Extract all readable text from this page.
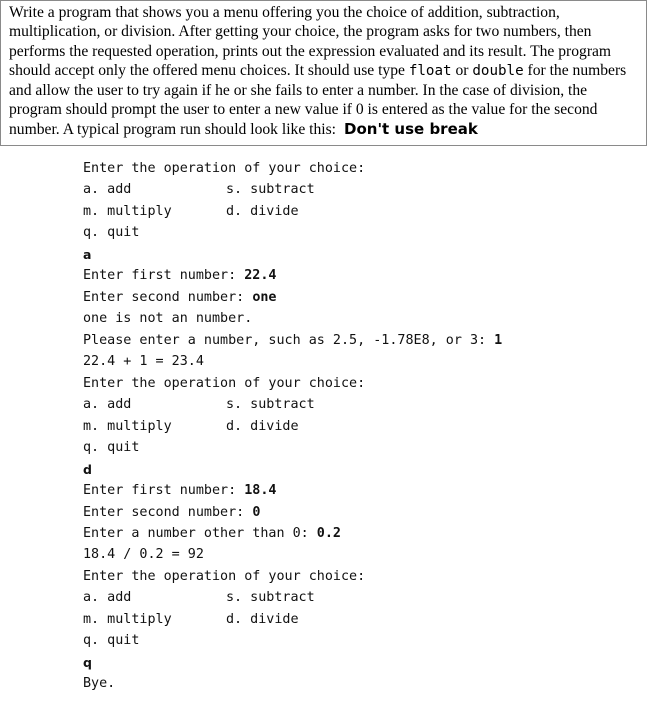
Write a program that shows you a menu offering you the choice of addition, subtraction, multiplication, or division. After getting your choice, the program asks for two numbers, then performs the requested operation, prints out the expression evaluated and its result. The program should accept only the offered menu choices. It should use type float or double for the numbers and allow the user to try again if he or she fails to enter a number. In the case of division, the program should prompt the user to enter a new value if 0 is entered as the value for the second number. A typical program run should look like this: Don't use break
Enter the operation of your choice:
a. add	s. subtract
m. multiply	d. divide
q. quit
a
Enter first number: 22.4
Enter second number: one
one is not an number.
Please enter a number, such as 2.5, -1.78E8, or 3: 1
22.4 + 1 = 23.4
Enter the operation of your choice:
a. add	s. subtract
m. multiply	d. divide
q. quit
d
Enter first number: 18.4
Enter second number: 0
Enter a number other than 0: 0.2
18.4 / 0.2 = 92
Enter the operation of your choice:
a. add	s. subtract
m. multiply	d. divide
q. quit
q
Bye.
